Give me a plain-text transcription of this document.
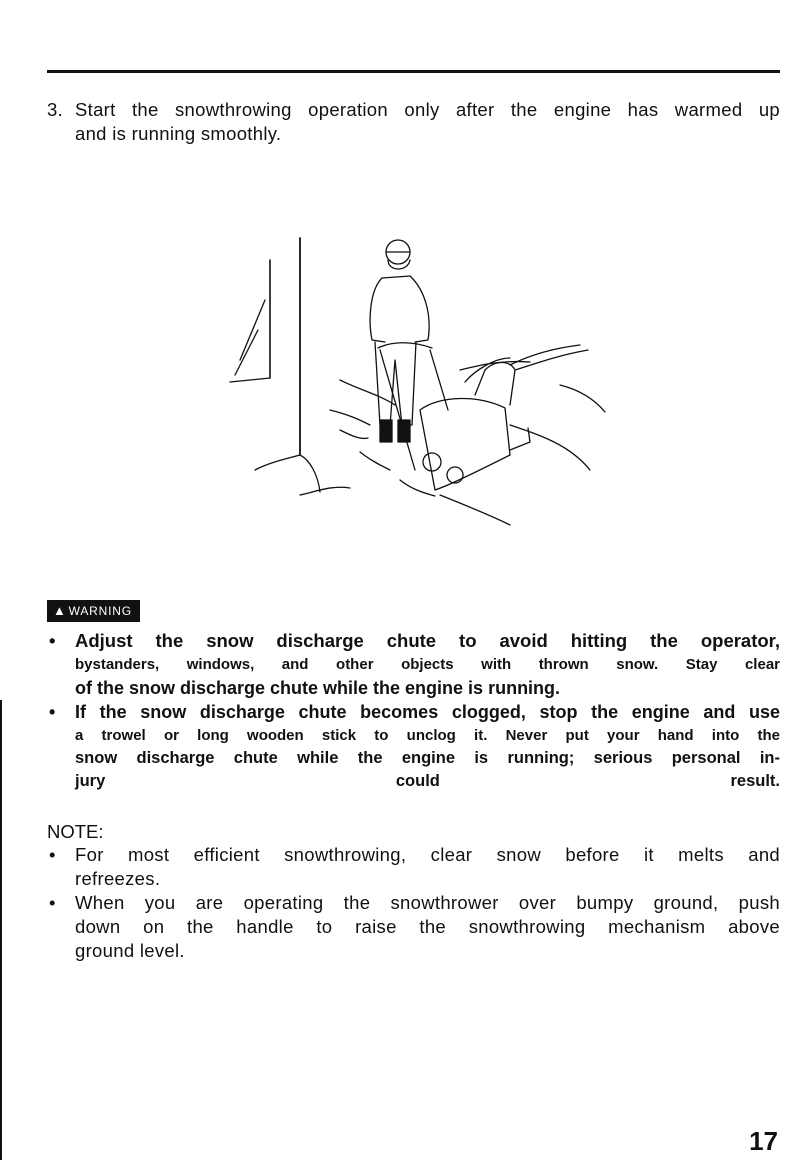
3. Start the snowthrowing operation only after the engine has warmed up
and is running smoothly.
▲ WARNING
• Adjust the snow discharge chute to avoid hitting the operator,
bystanders, windows, and other objects with thrown snow. Stay clear
of the snow discharge chute while the engine is running.
• If the snow discharge chute becomes clogged, stop the engine and use
a trowel or long wooden stick to unclog it. Never put your hand into the
snow discharge chute while the engine is running; serious personal in-
jury could result.
NOTE:
• For most efficient snowthrowing, clear snow before it melts and
refreezes.
• When you are operating the snowthrower over bumpy ground, push
down on the handle to raise the snowthrowing mechanism above
ground level.
17
